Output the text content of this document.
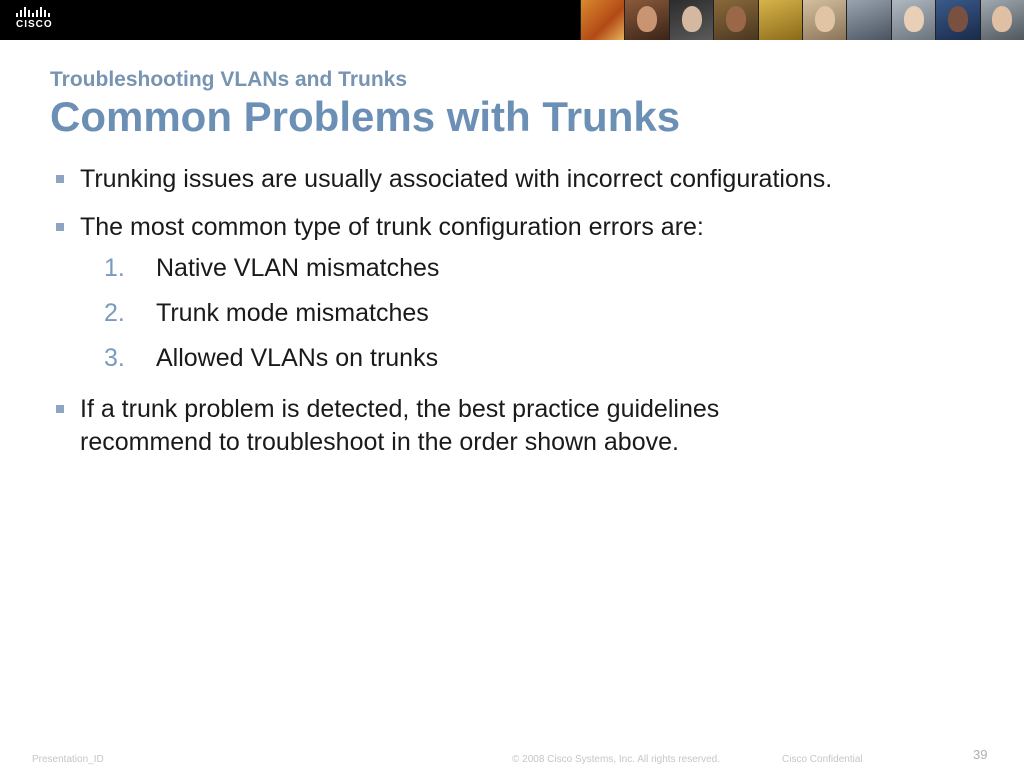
CISCO
Troubleshooting VLANs and Trunks
Common Problems with Trunks
Trunking issues are usually associated with incorrect configurations.
The most common type of trunk configuration errors are:
1. Native VLAN mismatches
2. Trunk mode mismatches
3. Allowed VLANs on trunks
If a trunk problem is detected, the best practice guidelines recommend to troubleshoot in the order shown above.
Presentation_ID	© 2008 Cisco Systems, Inc. All rights reserved.	Cisco Confidential	39
